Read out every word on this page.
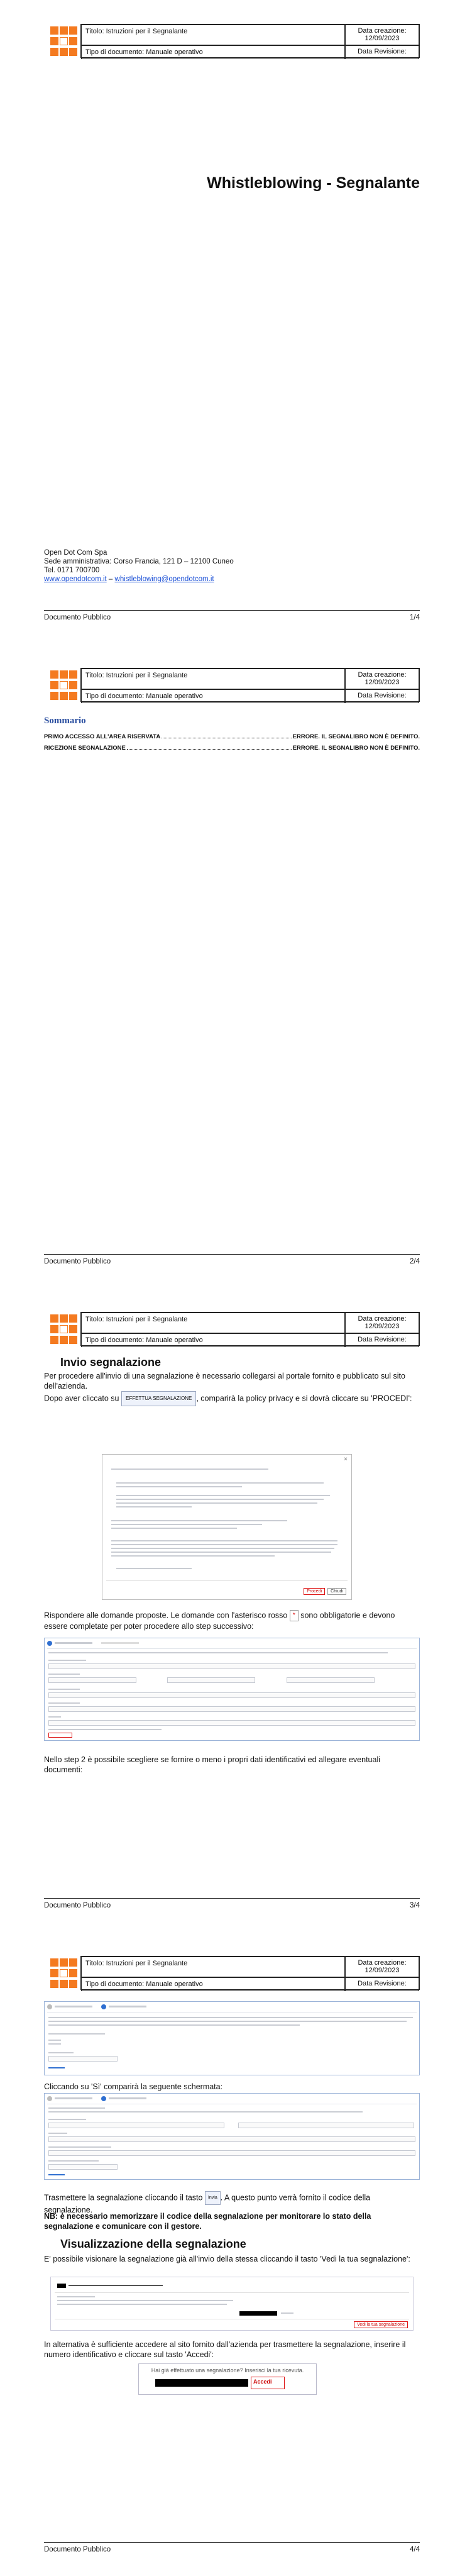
Titolo: Istruzioni per il Segnalante	Data creazione:
12/09/2023
Tipo di documento: Manuale operativo	Data Revisione:
Whistleblowing - Segnalante
Open Dot Com Spa
Sede amministrativa: Corso Francia, 121 D – 12100 Cuneo
Tel. 0171 700700
www.opendotcom.it – whistleblowing@opendotcom.it
Documento Pubblico	1/4
Titolo: Istruzioni per il Segnalante	Data creazione:
12/09/2023
Tipo di documento: Manuale operativo	Data Revisione:
Sommario
PRIMO ACCESSO ALL'AREA RISERVATA	ERRORE. IL SEGNALIBRO NON È DEFINITO.
RICEZIONE SEGNALAZIONE	ERRORE. IL SEGNALIBRO NON È DEFINITO.
Documento Pubblico	2/4
Titolo: Istruzioni per il Segnalante	Data creazione:
12/09/2023
Tipo di documento: Manuale operativo	Data Revisione:
Invio segnalazione
Per procedere all'invio di una segnalazione è necessario collegarsi al portale fornito e pubblicato sul sito dell'azienda.
Dopo aver cliccato su EFFETTUA SEGNALAZIONE , comparirà la policy privacy e si dovrà cliccare su 'PROCEDI':
×
Procedi	Chiudi
Rispondere alle domande proposte. Le domande con l'asterisco rosso * sono obbligatorie e devono essere completate per poter procedere allo step successivo:
Nello step 2 è possibile scegliere se fornire o meno i propri dati identificativi ed allegare eventuali documenti:
Documento Pubblico	3/4
Titolo: Istruzioni per il Segnalante	Data creazione:
12/09/2023
Tipo di documento: Manuale operativo	Data Revisione:
Cliccando su 'Sì' comparirà la seguente schermata:
Trasmettere la segnalazione cliccando il tasto Invia . A questo punto verrà fornito il codice della segnalazione.
NB: è necessario memorizzare il codice della segnalazione per monitorare lo stato della segnalazione e comunicare con il gestore.
Visualizzazione della segnalazione
E' possibile visionare la segnalazione già all'invio della stessa cliccando il tasto 'Vedi la tua segnalazione':
Vedi la tua segnalazione
In alternativa è sufficiente accedere al sito fornito dall'azienda per trasmettere la segnalazione, inserire il numero identificativo e cliccare sul tasto 'Accedi':
Hai già effettuato una segnalazione? Inserisci la tua ricevuta.
Accedi
Documento Pubblico	4/4
